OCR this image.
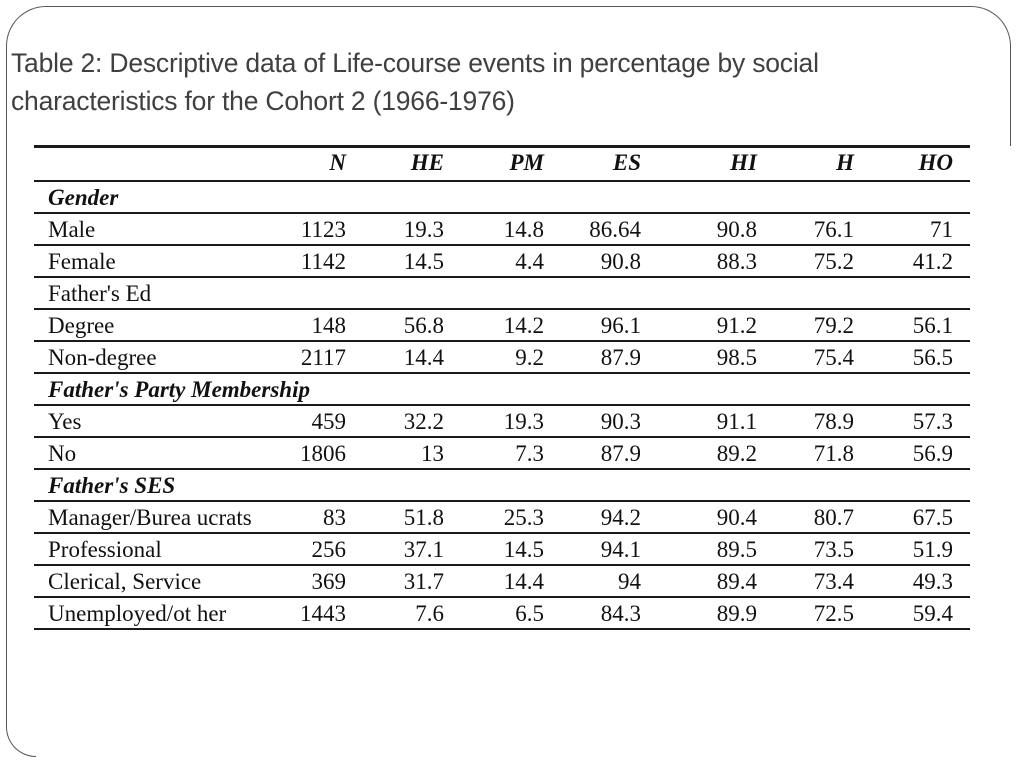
Table 2: Descriptive data of Life-course events in percentage by social characteristics for the Cohort 2 (1966-1976)
	N	HE	PM	ES	HI	H	HO	
Gender								
Male	1123	19.3	14.8	86.64	90.8	76.1	71	
Female	1142	14.5	4.4	90.8	88.3	75.2	41.2	
Father's Ed								
Degree	148	56.8	14.2	96.1	91.2	79.2	56.1	
Non-degree	2117	14.4	9.2	87.9	98.5	75.4	56.5	
Father's Party Membership								
Yes	459	32.2	19.3	90.3	91.1	78.9	57.3	
No	1806	13	7.3	87.9	89.2	71.8	56.9	
Father's SES								
Manager/Burea ucrats	83	51.8	25.3	94.2	90.4	80.7	67.5	
Professional	256	37.1	14.5	94.1	89.5	73.5	51.9	
Clerical, Service	369	31.7	14.4	94	89.4	73.4	49.3	
Unemployed/ot her	1443	7.6	6.5	84.3	89.9	72.5	59.4	
